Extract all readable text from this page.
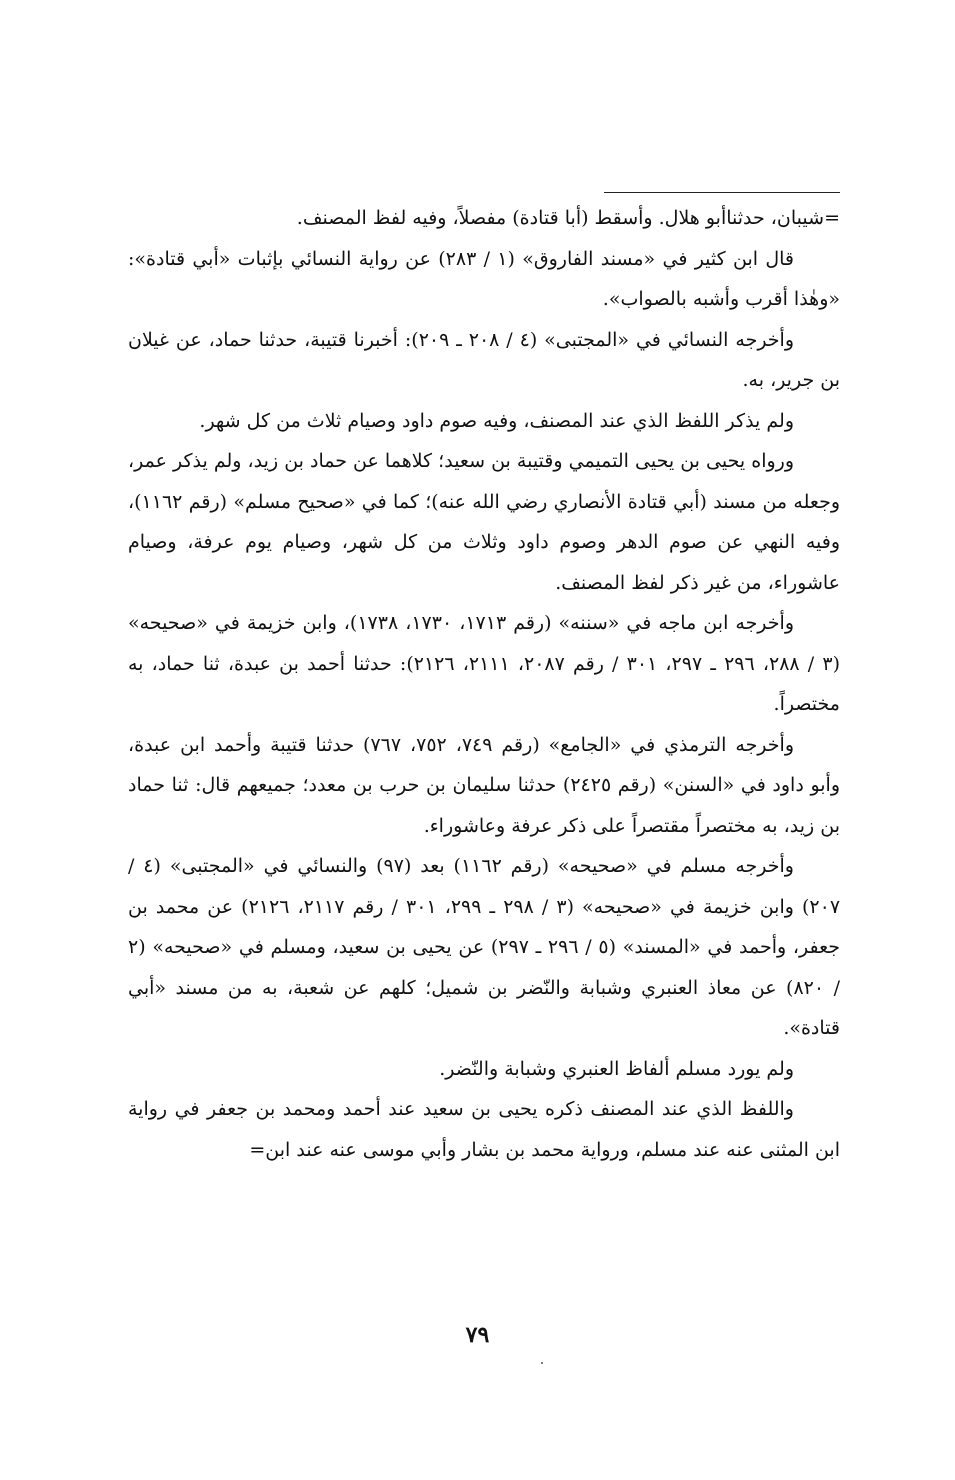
=شيبان، حدثناأبو هلال. وأسقط (أبا قتادة) مفصلاً، وفيه لفظ المصنف.

قال ابن كثير في «مسند الفاروق» (١ / ٢٨٣) عن رواية النسائي بإثبات «أبي قتادة»: «وهٰذا أقرب وأشبه بالصواب».

وأخرجه النسائي في «المجتبى» (٤ / ٢٠٨ ـ ٢٠٩): أخبرنا قتيبة، حدثنا حماد، عن غيلان بن جرير، به.

ولم يذكر اللفظ الذي عند المصنف، وفيه صوم داود وصيام ثلاث من كل شهر.

ورواه يحيى بن يحيى التميمي وقتيبة بن سعيد؛ كلاهما عن حماد بن زيد، ولم يذكر عمر، وجعله من مسند (أبي قتادة الأنصاري رضي الله عنه)؛ كما في «صحيح مسلم» (رقم ١١٦٢)، وفيه النهي عن صوم الدهر وصوم داود وثلاث من كل شهر، وصيام يوم عرفة، وصيام عاشوراء، من غير ذكر لفظ المصنف.

وأخرجه ابن ماجه في «سننه» (رقم ١٧١٣، ١٧٣٠، ١٧٣٨)، وابن خزيمة في «صحيحه» (٣ / ٢٨٨، ٢٩٦ ـ ٢٩٧، ٣٠١ / رقم ٢٠٨٧، ٢١١١، ٢١٢٦): حدثنا أحمد بن عبدة، ثنا حماد، به مختصراً.

وأخرجه الترمذي في «الجامع» (رقم ٧٤٩، ٧٥٢، ٧٦٧) حدثنا قتيبة وأحمد ابن عبدة، وأبو داود في «السنن» (رقم ٢٤٢٥) حدثنا سليمان بن حرب بن معدد؛ جميعهم قال: ثنا حماد بن زيد، به مختصراً مقتصراً على ذكر عرفة وعاشوراء.

وأخرجه مسلم في «صحيحه» (رقم ١١٦٢) بعد (٩٧) والنسائي في «المجتبى» (٤ / ٢٠٧) وابن خزيمة في «صحيحه» (٣ / ٢٩٨ ـ ٢٩٩، ٣٠١ / رقم ٢١١٧، ٢١٢٦) عن محمد بن جعفر، وأحمد في «المسند» (٥ / ٢٩٦ ـ ٢٩٧) عن يحيى بن سعيد، ومسلم في «صحيحه» (٢ / ٨٢٠) عن معاذ العنبري وشبابة والنّضر بن شميل؛ كلهم عن شعبة، به من مسند «أبي قتادة».

ولم يورد مسلم ألفاظ العنبري وشبابة والنّضر.

واللفظ الذي عند المصنف ذكره يحيى بن سعيد عند أحمد ومحمد بن جعفر في رواية ابن المثنى عنه عند مسلم، ورواية محمد بن بشار وأبي موسى عنه عند ابن=

٧٩
